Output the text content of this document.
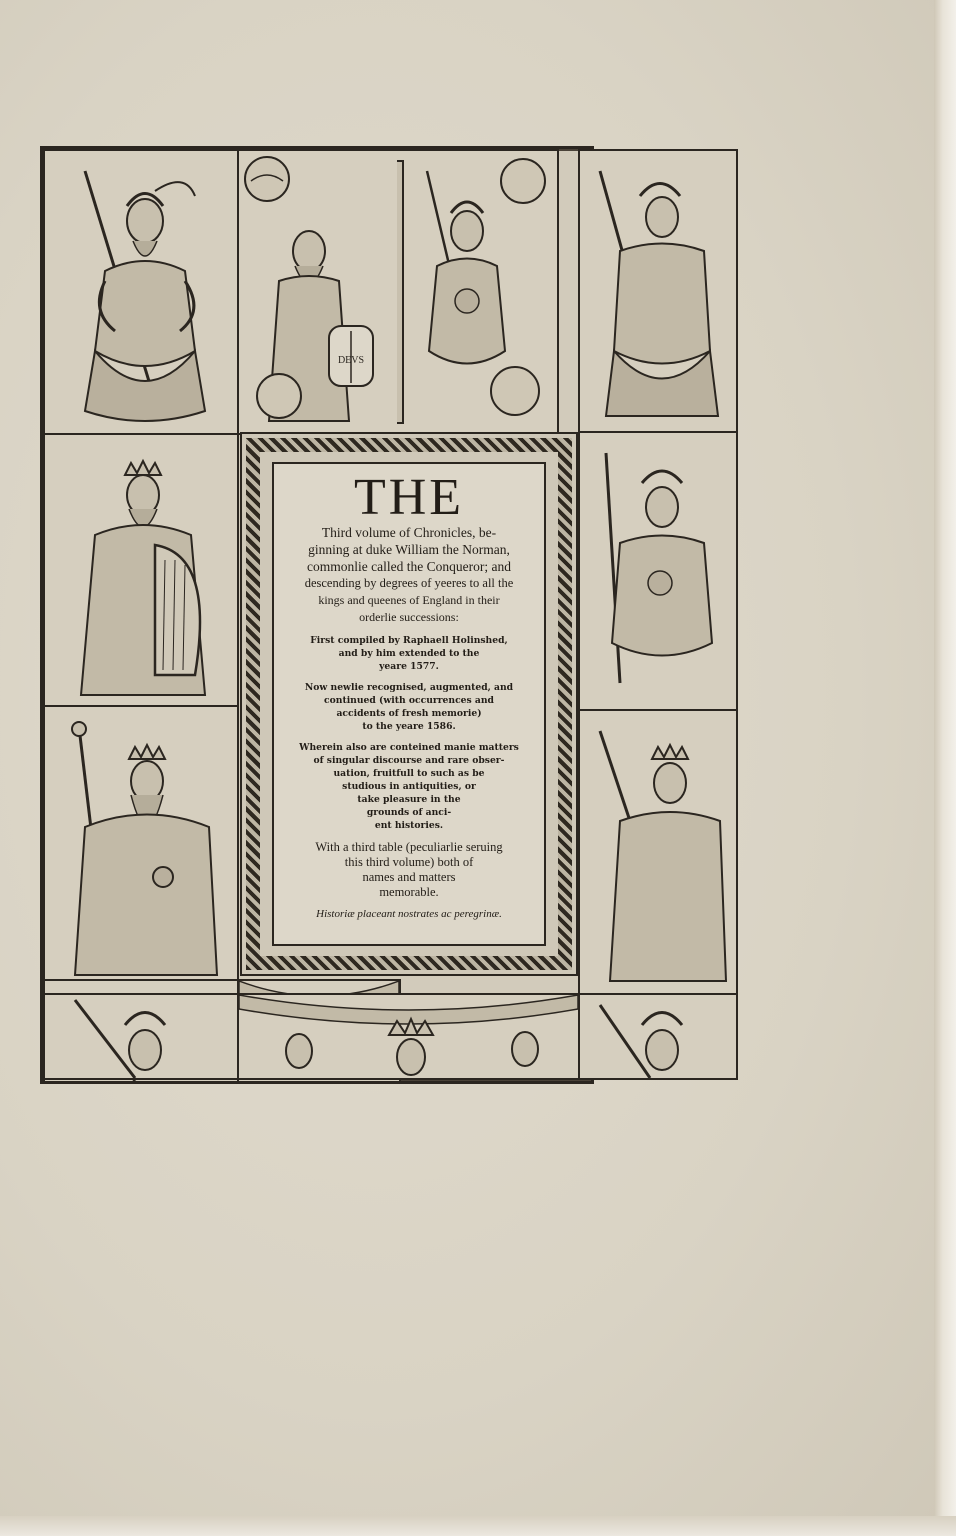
DEVS
THE
Third volume of Chronicles, be-
ginning at duke William the Norman,
commonlie called the Conqueror; and
descending by degrees of yeeres to all the
kings and queenes of England in their
orderlie successions:
First compiled by Raphaell Holinshed,
and by him extended to the
yeare 1577.
Now newlie recognised, augmented, and
continued (with occurrences and
accidents of fresh memorie)
to the yeare 1586.
Wherein also are conteined manie matters
of singular discourse and rare obser-
uation, fruitfull to such as be
studious in antiquities, or
take pleasure in the
grounds of anci-
ent histories.
With a third table (peculiarlie seruing
this third volume) both of
names and matters
memorable.
Historiæ placeant nostrates ac peregrinæ.
